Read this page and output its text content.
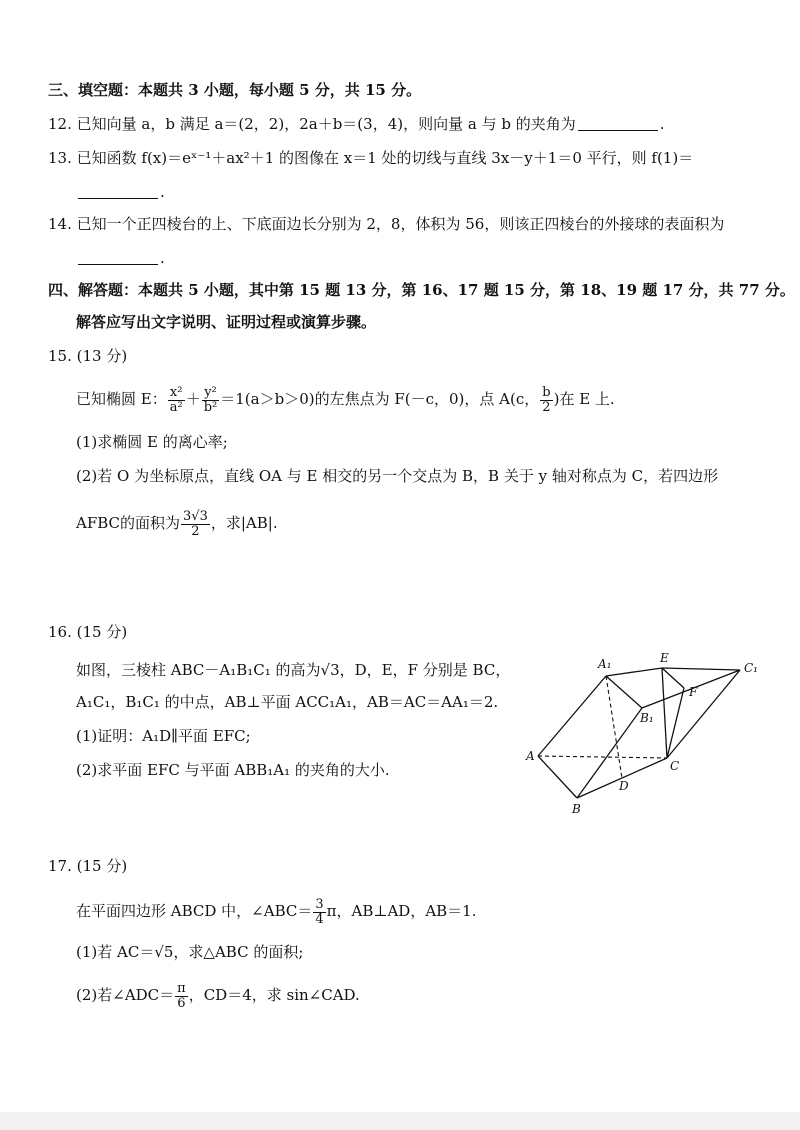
三、填空题：本题共 3 小题，每小题 5 分，共 15 分。
12. 已知向量 a，b 满足 a＝(2，2)，2a＋b＝(3，4)，则向量 a 与 b 的夹角为	.
13. 已知函数 f(x)＝eˣ⁻¹＋ax²＋1 的图像在 x＝1 处的切线与直线 3x－y＋1＝0 平行，则 f(1)＝
.
14. 已知一个正四棱台的上、下底面边长分别为 2，8，体积为 56，则该正四棱台的外接球的表面积为
.
四、解答题：本题共 5 小题，其中第 15 题 13 分，第 16、17 题 15 分，第 18、19 题 17 分，共 77 分。
解答应写出文字说明、证明过程或演算步骤。
15. (13 分)
已知椭圆 E： $\frac{\text{x²}}{\text{a²}} + \frac{\text{y²}}{\text{b²}} =1(a>b>0)$的左焦点为 F(－c，0)，点 A(c， $\frac{b}{2}$ )在 E 上.
(1)求椭圆 E 的离心率;
(2)若 O 为坐标原点，直线 OA 与 E 相交的另一个交点为 B，B 关于 y 轴对称点为 C，若四边形
AFBC的面积为 $\frac{3√3}{2}$ ，求|AB|.
16. (15 分)
如图，三棱柱 ABC－A₁B₁C₁ 的高为√3，D，E，F 分别是 BC，
A₁C₁，B₁C₁ 的中点，AB⊥平面 ACC₁A₁，AB＝AC＝AA₁＝2.
(1)证明：A₁D∥平面 EFC;
(2)求平面 EFC 与平面 ABB₁A₁ 的夹角的大小.
A₁	E
C₁
F
B₁
A
C
D
B
17. (15 分)
在平面四边形 ABCD 中，∠ABC＝ $\frac{3}{4}$ π，AB⊥AD，AB＝1.
(1)若 AC＝√5，求△ABC 的面积;
(2)若∠ADC＝ $\frac{\pi}{6}$ ，CD＝4，求 sin∠CAD.
